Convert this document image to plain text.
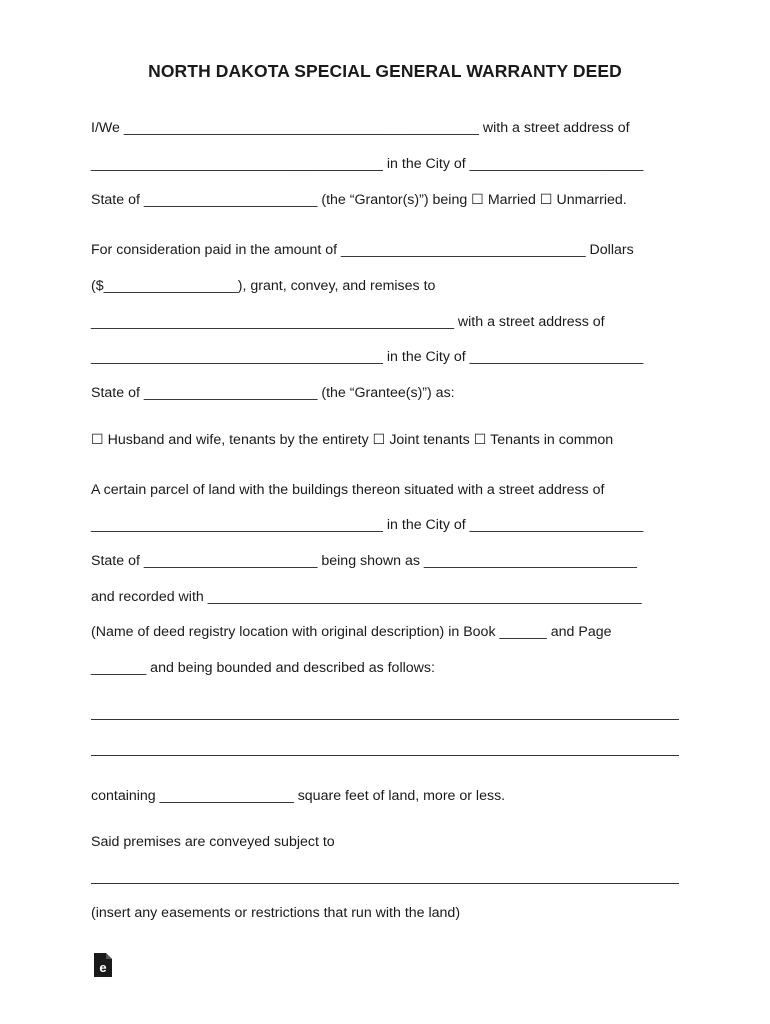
NORTH DAKOTA SPECIAL GENERAL WARRANTY DEED
I/We _____________________________________________ with a street address of
_____________________________________ in the City of ______________________
State of ______________________ (the “Grantor(s)”) being ☐ Married ☐ Unmarried.
For consideration paid in the amount of _______________________________ Dollars
($_________________), grant, convey, and remises to
______________________________________________ with a street address of
_____________________________________ in the City of ______________________
State of ______________________ (the “Grantee(s)”) as:
☐ Husband and wife, tenants by the entirety ☐ Joint tenants ☐ Tenants in common
A certain parcel of land with the buildings thereon situated with a street address of
_____________________________________ in the City of ______________________
State of ______________________ being shown as ___________________________
and recorded with _______________________________________________________
(Name of deed registry location with original description) in Book ______ and Page
_______ and being bounded and described as follows:
containing _________________ square feet of land, more or less.
Said premises are conveyed subject to
(insert any easements or restrictions that run with the land)
e
